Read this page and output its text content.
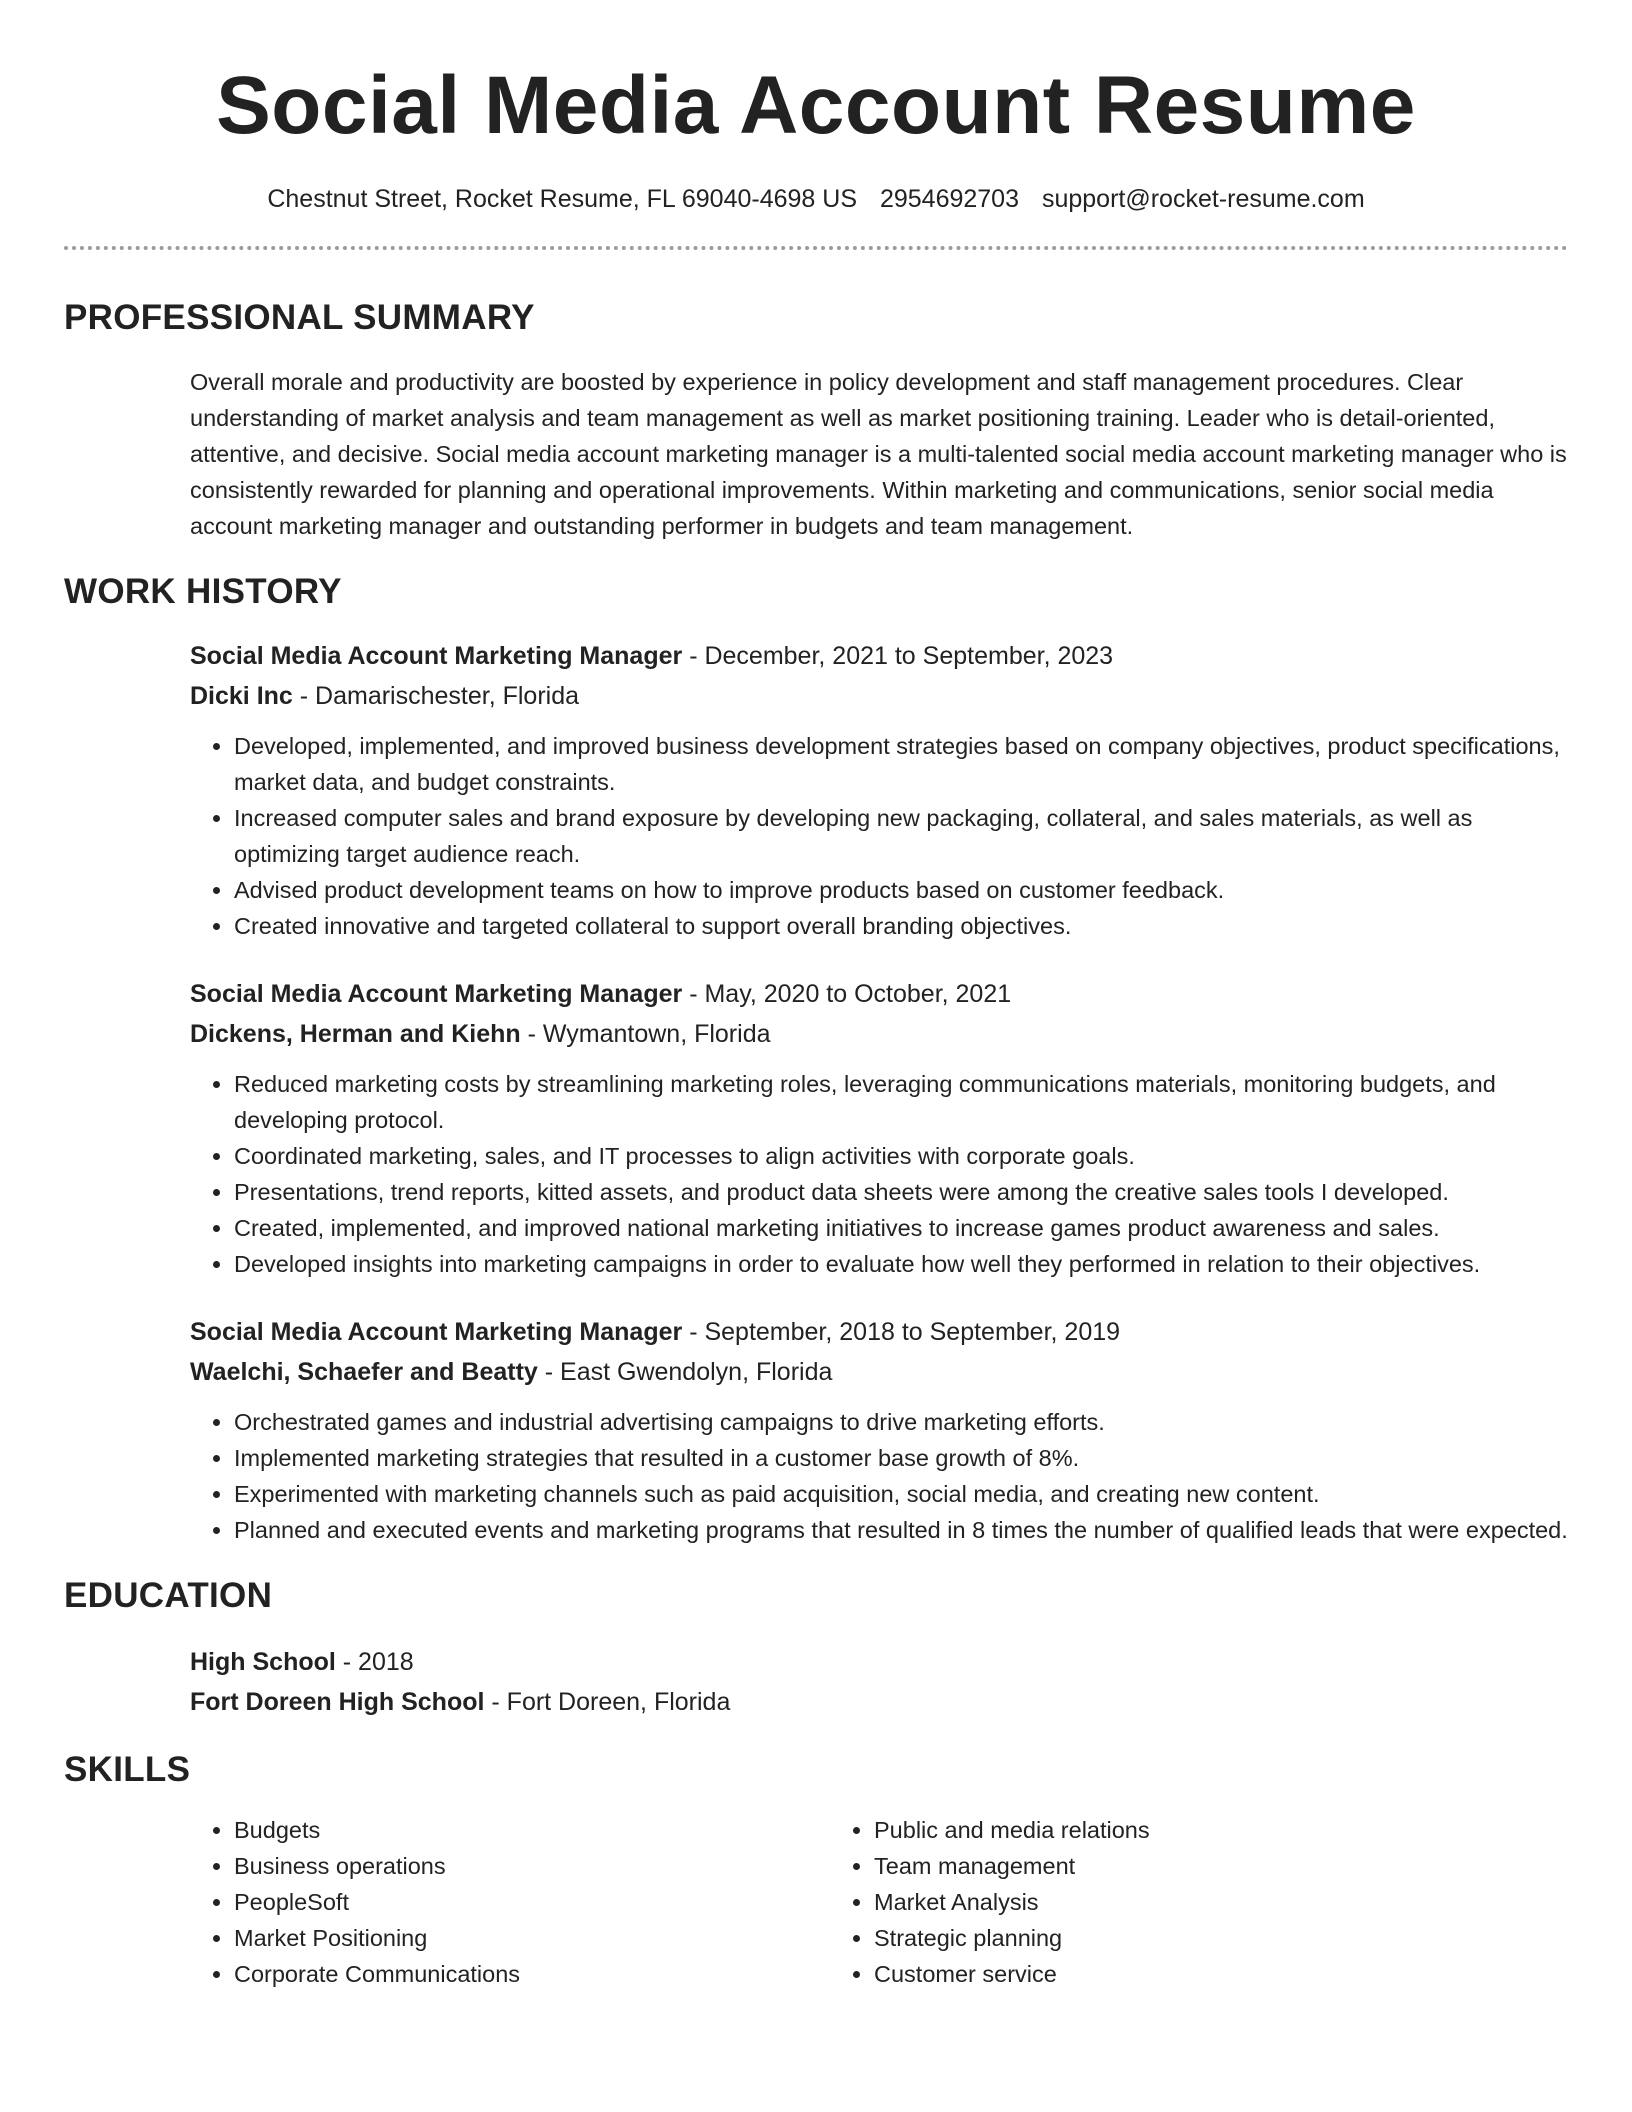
Social Media Account Resume
Chestnut Street, Rocket Resume, FL 69040-4698 US 2954692703 support@rocket-resume.com
PROFESSIONAL SUMMARY

Overall morale and productivity are boosted by experience in policy development and staff management procedures. Clear understanding of market analysis and team management as well as market positioning training. Leader who is detail-oriented, attentive, and decisive. Social media account marketing manager is a multi-talented social media account marketing manager who is consistently rewarded for planning and operational improvements. Within marketing and communications, senior social media account marketing manager and outstanding performer in budgets and team management.

WORK HISTORY
Social Media Account Marketing Manager - December, 2021 to September, 2023
Dicki Inc - Damarischester, Florida
• Developed, implemented, and improved business development strategies based on company objectives, product specifications, market data, and budget constraints.
• Increased computer sales and brand exposure by developing new packaging, collateral, and sales materials, as well as optimizing target audience reach.
• Advised product development teams on how to improve products based on customer feedback.
• Created innovative and targeted collateral to support overall branding objectives.
Social Media Account Marketing Manager - May, 2020 to October, 2021
Dickens, Herman and Kiehn - Wymantown, Florida
• Reduced marketing costs by streamlining marketing roles, leveraging communications materials, monitoring budgets, and developing protocol.
• Coordinated marketing, sales, and IT processes to align activities with corporate goals.
• Presentations, trend reports, kitted assets, and product data sheets were among the creative sales tools I developed.
• Created, implemented, and improved national marketing initiatives to increase games product awareness and sales.
• Developed insights into marketing campaigns in order to evaluate how well they performed in relation to their objectives.
Social Media Account Marketing Manager - September, 2018 to September, 2019
Waelchi, Schaefer and Beatty - East Gwendolyn, Florida
• Orchestrated games and industrial advertising campaigns to drive marketing efforts.
• Implemented marketing strategies that resulted in a customer base growth of 8%.
• Experimented with marketing channels such as paid acquisition, social media, and creating new content.
• Planned and executed events and marketing programs that resulted in 8 times the number of qualified leads that were expected.
EDUCATION
High School - 2018
Fort Doreen High School - Fort Doreen, Florida
SKILLS
• Budgets
• Business operations
• PeopleSoft
• Market Positioning
• Corporate Communications
• Public and media relations
• Team management
• Market Analysis
• Strategic planning
• Customer service
